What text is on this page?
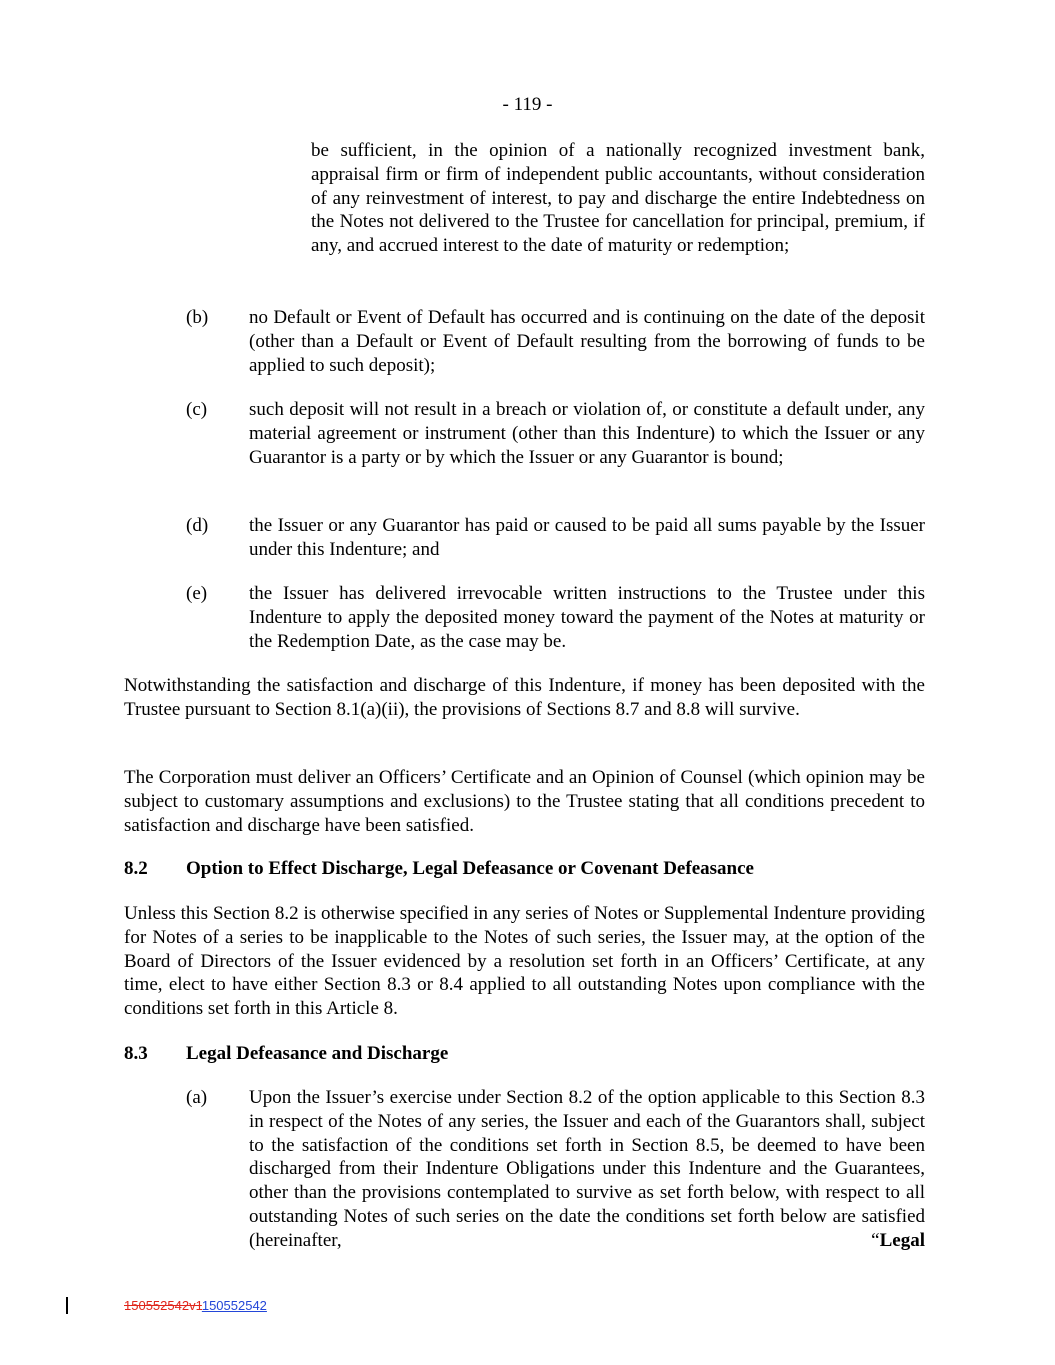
- 119 -

be sufficient, in the opinion of a nationally recognized investment bank, appraisal firm or firm of independent public accountants, without consideration of any reinvestment of interest, to pay and discharge the entire Indebtedness on the Notes not delivered to the Trustee for cancellation for principal, premium, if any, and accrued interest to the date of maturity or redemption;

(b) no Default or Event of Default has occurred and is continuing on the date of the deposit (other than a Default or Event of Default resulting from the borrowing of funds to be applied to such deposit);

(c) such deposit will not result in a breach or violation of, or constitute a default under, any material agreement or instrument (other than this Indenture) to which the Issuer or any Guarantor is a party or by which the Issuer or any Guarantor is bound;

(d) the Issuer or any Guarantor has paid or caused to be paid all sums payable by the Issuer under this Indenture; and

(e) the Issuer has delivered irrevocable written instructions to the Trustee under this Indenture to apply the deposited money toward the payment of the Notes at maturity or the Redemption Date, as the case may be.

Notwithstanding the satisfaction and discharge of this Indenture, if money has been deposited with the Trustee pursuant to Section 8.1(a)(ii), the provisions of Sections 8.7 and 8.8 will survive.

The Corporation must deliver an Officers’ Certificate and an Opinion of Counsel (which opinion may be subject to customary assumptions and exclusions) to the Trustee stating that all conditions precedent to satisfaction and discharge have been satisfied.

8.2 Option to Effect Discharge, Legal Defeasance or Covenant Defeasance

Unless this Section 8.2 is otherwise specified in any series of Notes or Supplemental Indenture providing for Notes of a series to be inapplicable to the Notes of such series, the Issuer may, at the option of the Board of Directors of the Issuer evidenced by a resolution set forth in an Officers’ Certificate, at any time, elect to have either Section 8.3 or 8.4 applied to all outstanding Notes upon compliance with the conditions set forth in this Article 8.

8.3 Legal Defeasance and Discharge
(a) Upon the Issuer’s exercise under Section 8.2 of the option applicable to this Section 8.3 in respect of the Notes of any series, the Issuer and each of the Guarantors shall, subject to the satisfaction of the conditions set forth in Section 8.5, be deemed to have been discharged from their Indenture Obligations under this Indenture and the Guarantees, other than the provisions contemplated to survive as set forth below, with respect to all outstanding Notes of such series on the date the conditions set forth below are satisfied (hereinafter, “Legal

150552542v1150552542
